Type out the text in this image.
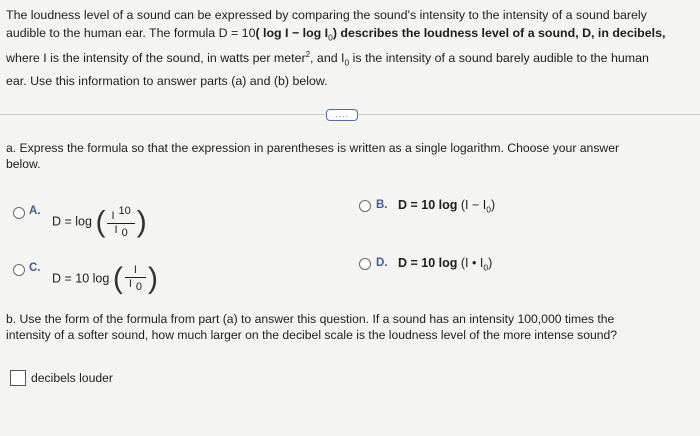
The loudness level of a sound can be expressed by comparing the sound's intensity to the intensity of a sound barely

audible to the human ear. The formula D = 10( $\log I - \log I_0$) describes the loudness level of a sound, D, in decibels,

where I is the intensity of the sound, in watts per meter$^2$, and $I_0$ is the intensity of a sound barely audible to the human

ear. Use this information to answer parts (a) and (b) below.

....
a. Express the formula so that the expression in parentheses is written as a single logarithm. Choose your answer
below.
A.
D = log ( $\frac{I 10}{I 0}$ )
B. D = 10 $\log (I - I_0)$
C.
D = 10 log ( $\frac{I}{I 0}$ )	D. D = 10 log (I • $I_0$)
b. Use the form of the formula from part (a) to answer this question. If a sound has an intensity 100,000 times the
intensity of a softer sound, how much larger on the decibel scale is the loudness level of the more intense sound?
decibels louder
